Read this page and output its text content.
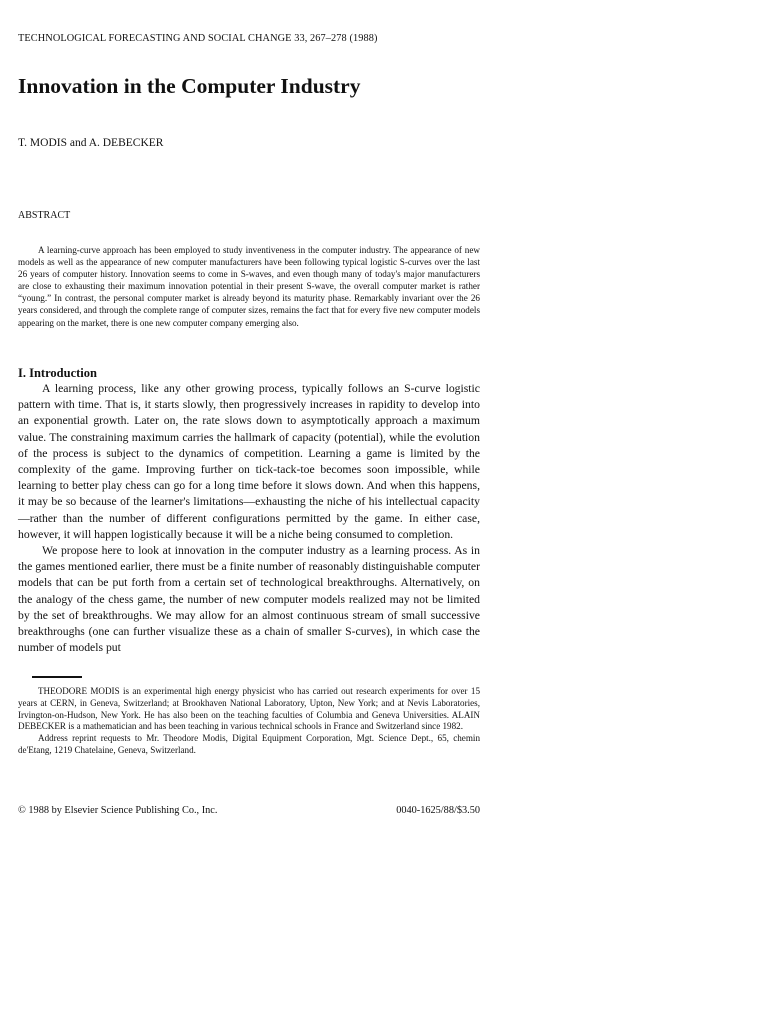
TECHNOLOGICAL FORECASTING AND SOCIAL CHANGE 33, 267–278 (1988)
Innovation in the Computer Industry
T. MODIS and A. DEBECKER
ABSTRACT

A learning-curve approach has been employed to study inventiveness in the computer industry. The appearance of new models as well as the appearance of new computer manufacturers have been following typical logistic S-curves over the last 26 years of computer history. Innovation seems to come in S-waves, and even though many of today's major manufacturers are close to exhausting their maximum innovation potential in their present S-wave, the overall computer market is rather “young.” In contrast, the personal computer market is already beyond its maturity phase. Remarkably invariant over the 26 years considered, and through the complete range of computer sizes, remains the fact that for every five new computer models appearing on the market, there is one new computer company emerging also.

I. Introduction

A learning process, like any other growing process, typically follows an S-curve logistic pattern with time. That is, it starts slowly, then progressively increases in rapidity to develop into an exponential growth. Later on, the rate slows down to asymptotically approach a maximum value. The constraining maximum carries the hallmark of capacity (potential), while the evolution of the process is subject to the dynamics of competition. Learning a game is limited by the complexity of the game. Improving further on tick-tack-toe becomes soon impossible, while learning to better play chess can go for a long time before it slows down. And when this happens, it may be so because of the learner's limitations—exhausting the niche of his intellectual capacity—rather than the number of different configurations permitted by the game. In either case, however, it will happen logistically because it will be a niche being consumed to completion.

We propose here to look at innovation in the computer industry as a learning process. As in the games mentioned earlier, there must be a finite number of reasonably distinguishable computer models that can be put forth from a certain set of technological breakthroughs. Alternatively, on the analogy of the chess game, the number of new computer models realized may not be limited by the set of breakthroughs. We may allow for an almost continuous stream of small successive breakthroughs (one can further visualize these as a chain of smaller S-curves), in which case the number of models put

THEODORE MODIS is an experimental high energy physicist who has carried out research experiments for over 15 years at CERN, in Geneva, Switzerland; at Brookhaven National Laboratory, Upton, New York; and at Nevis Laboratories, Irvington-on-Hudson, New York. He has also been on the teaching faculties of Columbia and Geneva Universities. ALAIN DEBECKER is a mathematician and has been teaching in various technical schools in France and Switzerland since 1982.

Address reprint requests to Mr. Theodore Modis, Digital Equipment Corporation, Mgt. Science Dept., 65, chemin de'Etang, 1219 Chatelaine, Geneva, Switzerland.

© 1988 by Elsevier Science Publishing Co., Inc.	0040-1625/88/$3.50
